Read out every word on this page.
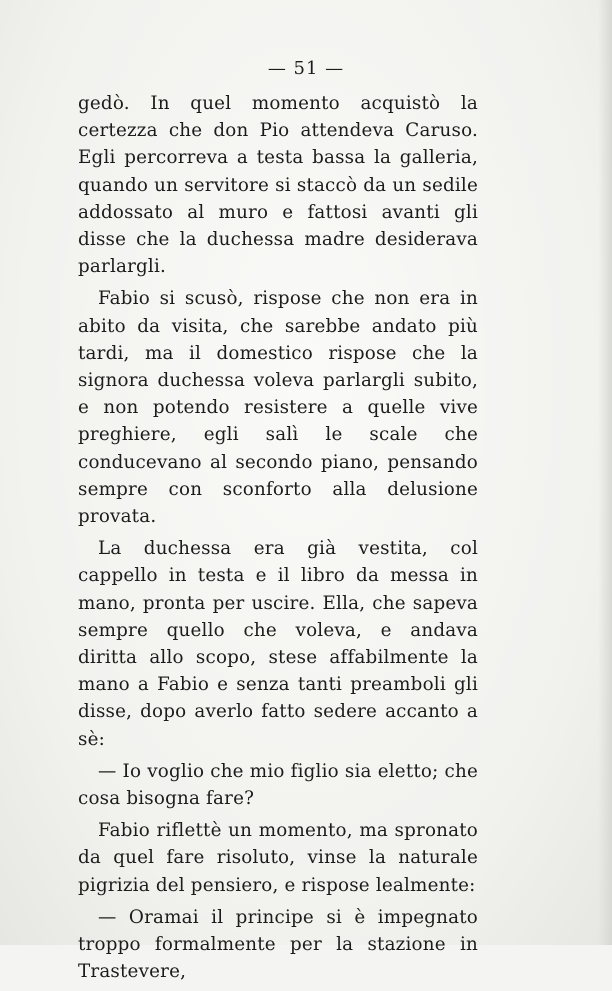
— 51 —

gedò. In quel momento acquistò la certezza che don Pio attendeva Caruso. Egli percorreva a testa bassa la galleria, quando un servitore si staccò da un sedile addossato al muro e fattosi avanti gli disse che la duchessa madre desiderava parlargli.

Fabio si scusò, rispose che non era in abito da visita, che sarebbe andato più tardi, ma il domestico rispose che la signora duchessa voleva parlargli subito, e non potendo resistere a quelle vive preghiere, egli salì le scale che conducevano al secondo piano, pensando sempre con sconforto alla delusione provata.

La duchessa era già vestita, col cappello in testa e il libro da messa in mano, pronta per uscire. Ella, che sapeva sempre quello che voleva, e andava diritta allo scopo, stese affabilmente la mano a Fabio e senza tanti preamboli gli disse, dopo averlo fatto sedere accanto a sè:

— Io voglio che mio figlio sia eletto; che cosa bisogna fare?

Fabio riflettè un momento, ma spronato da quel fare risoluto, vinse la naturale pigrizia del pensiero, e rispose lealmente:

— Oramai il principe si è impegnato troppo formalmente per la stazione in Trastevere,
